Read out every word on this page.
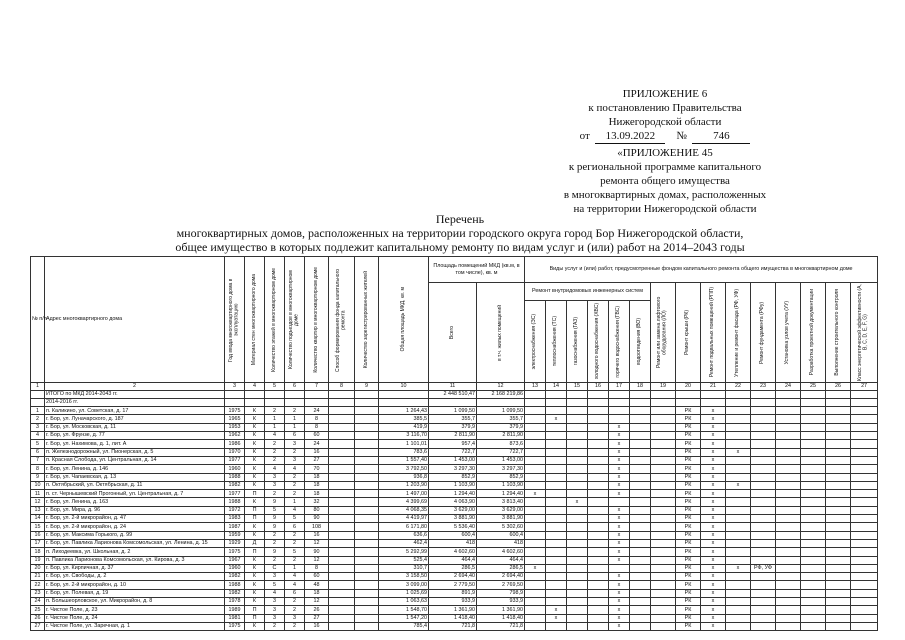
ПРИЛОЖЕНИЕ 6
к постановлению Правительства
Нижегородской области
от 13.09.2022 № 746
«ПРИЛОЖЕНИЕ 45
к региональной программе капитального
ремонта общего имущества
в многоквартирных домах, расположенных
на территории Нижегородской области
Перечень
многоквартирных домов, расположенных на территории городского округа город Бор Нижегородской области,
общее имущество в которых подлежит капитальному ремонту по видам услуг и (или) работ на 2014–2043 годы
№ п/п	Адрес многоквартирного дома	Год ввода многоквартирного дома в эксплуатацию	Материал стен многоквартирного дома	Количество этажей в многоквартирном доме	Количество подъездов в многоквартирном доме	Количество квартир в многоквартирном доме	Способ формирования фонда капитального ремонта	Количество зарегистрированных жителей	Общая площадь МКД, кв. м	Площадь помещений МКД (кв.м, в том числе), кв. м		Виды услуг и (или) работ, предусмотренные фондом капитального ремонта общего имущества в многоквартирном доме														

										Всего	в т.ч. жилых помещений	Ремонт внутридомовых инженерных систем						Ремонт или замена лифтового оборудования (ЛО)	Ремонт крыши (РК)	Ремонт подвальных помещений (РПП)	Утепление и ремонт фасада (РФ, УФ)	Ремонт фундамента (РФу)	Установка узлов учета (УУ)	Разработка проектной документации	Выполнение строительного контроля	Класс энергетической эффективности (А, В, С, D, E, F, G)

												электроснабжения (ЭС)	теплоснабжения (ТС)	газоснабжения (ГАЗ)	холодного водоснабжения (ХВС)	горячего водоснабжения (ГВС)	водоотведения (ВО)									

1	2	3	4	5	6	7	8	9	10	11	12	13	14	15	16	17	18	19	20	21	22	23	24	25	26	27
	ИТОГО по МКД 2014-2043 гг.									2 448 510,47	2 168 219,86															
	2014-2016 гг.																									
1	п. Каликино, ул. Советская, д. 17	1975	К	2	2	24			1 264,43	1 099,50	1 099,50								РК	х						
2	г. Бор, ул. Луначарского, д. 187	1965	К	1	1	8			385,5	355,7	355,7		х						РК	х						
3	г. Бор, ул. Московская, д. 11	1953	К	1	1	8			419,9	379,9	379,9					х			РК	х						
4	г. Бор, ул. Фрунзе, д. 77	1962	К	4	6	60			3 116,70	2 811,90	2 811,90					х			РК	х						
5	г. Бор, ул. Нахимова, д. 1, лит. А	1986	К	2	3	24			1 101,01	957,4	873,6					х			РК	х						
6	п. Железнодорожный, ул. Пионерская, д. 5	1970	К	2	2	16			783,6	722,7	722,7					х			РК	х	х					
7	п. Красная Слобода, ул. Центральная, д. 14	1977	К	2	3	27			1 557,40	1 453,00	1 453,00					х			РК	х						
8	г. Бор, ул. Ленина, д. 146	1960	К	4	4	70			3 792,50	3 297,30	3 297,30					х			РК	х						
9	г. Бор, ул. Чапаевская, д. 13	1988	К	3	2	18			936,8	852,9	852,9					х			РК	х						
10	п. Октябрьский, ул. Октябрьская, д. 11	1982	К	3	2	18			1 203,90	1 103,90	1 103,90					х			РК	х	х					
11	п. ст. Чернышевский Прогонный, ул. Центральная, д. 7	1977	П	2	2	18			1 497,00	1 294,40	1 294,40	х				х			РК	х						
12	г. Бор, ул. Ленина, д. 163	1988	К	9	1	32			4 399,69	4 063,90	3 813,40			х					РК	х						
13	г. Бор, ул. Мира, д. 96	1972	П	5	4	80			4 068,35	3 629,00	3 629,00					х			РК	х						
14	г. Бор, ул. 2-й микрорайон, д. 47	1983	П	9	5	90			4 419,97	3 881,90	3 881,90					х			РК	х						
15	г. Бор, ул. 2-й микрорайон, д. 24	1987	К	9	6	108			6 171,80	5 536,40	5 302,60					х			РК	х						
16	г. Бор, ул. Максима Горького, д. 99	1959	К	2	2	16			636,6	600,4	600,4					х			РК	х						
17	г. Бор, ул. Павлика Ларионова Комсомольская, ул. Ленина, д. 15	1929	Д	2	2	12			462,4	418	418					х			РК	х						
18	п. Лиходеевка, ул. Школьная, д. 2	1975	П	9	5	90			5 292,99	4 602,60	4 602,60					х			РК	х						
19	п. Павлика Ларионова Комсомольская, ул. Кирова, д. 3	1967	К	2	2	12			525,4	464,4	464,4					х			РК	х						
20	г. Бор, ул. Кирпичная, д. 37	1960	К	С	1	8			310,7	286,5	286,5	х							РК	х	х	РФ, УФ				
21	г. Бор, ул. Свободы, д. 2	1982	К	3	4	60			3 158,50	2 694,40	2 694,40					х			РК	х						
22	г. Бор, ул. 2-й микрорайон, д. 10	1988	К	5	4	48			3 099,00	2 779,50	2 769,50					х			РК	х						
23	г. Бор, ул. Полевая, д. 19	1982	К	4	6	18			1 025,69	891,9	798,9					х			РК	х						
24	п. Большеорловское, ул. Микрорайон, д. 8	1978	К	3	2	12			1 063,63	933,9	933,9					х			РК	х						
25	г. Чистое Поле, д. 23	1989	П	3	2	26			1 548,70	1 361,90	1 361,90		х			х			РК	х						
26	г. Чистое Поле, д. 24	1981	П	3	3	27			1 547,20	1 418,40	1 418,40		х			х			РК	х						
27	г. Чистое Поле, ул. Заречная, д. 1	1975	К	2	2	16			785,4	721,8	721,8					х			РК	х						
